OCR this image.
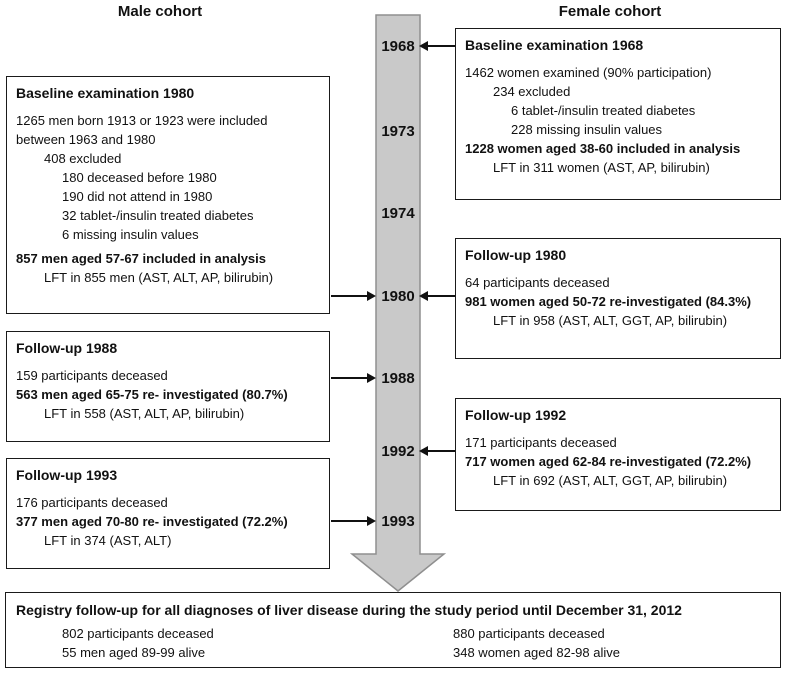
Male cohort	Female cohort
1968
1973
1974
1980
1988
1992
1993
Baseline examination 1980
1265 men born 1913 or 1923 were included between 1963 and 1980
408 excluded
180 deceased before 1980
190 did not attend in 1980
32 tablet-/insulin treated diabetes
6 missing insulin values
857 men aged 57-67 included in analysis
LFT in 855 men (AST, ALT, AP, bilirubin)
Follow-up 1988
159 participants deceased
563 men aged 65-75 re- investigated (80.7%)
LFT in 558 (AST, ALT, AP, bilirubin)
Follow-up 1993
176 participants deceased
377 men aged 70-80 re- investigated (72.2%)
LFT in 374 (AST, ALT)
Baseline examination 1968
1462 women examined (90% participation)
234 excluded
6 tablet-/insulin treated diabetes
228 missing insulin values
1228 women aged 38-60 included in analysis
LFT in 311 women (AST, AP, bilirubin)
Follow-up 1980
64 participants deceased
981 women aged 50-72 re-investigated (84.3%)
LFT in 958 (AST, ALT, GGT, AP, bilirubin)
Follow-up 1992
171 participants deceased
717 women aged 62-84 re-investigated (72.2%)
LFT in 692 (AST, ALT, GGT, AP, bilirubin)
Registry follow-up for all diagnoses of liver disease during the study period until December 31, 2012
802 participants deceased
55 men aged 89-99 alive
880 participants deceased
348 women aged 82-98 alive
